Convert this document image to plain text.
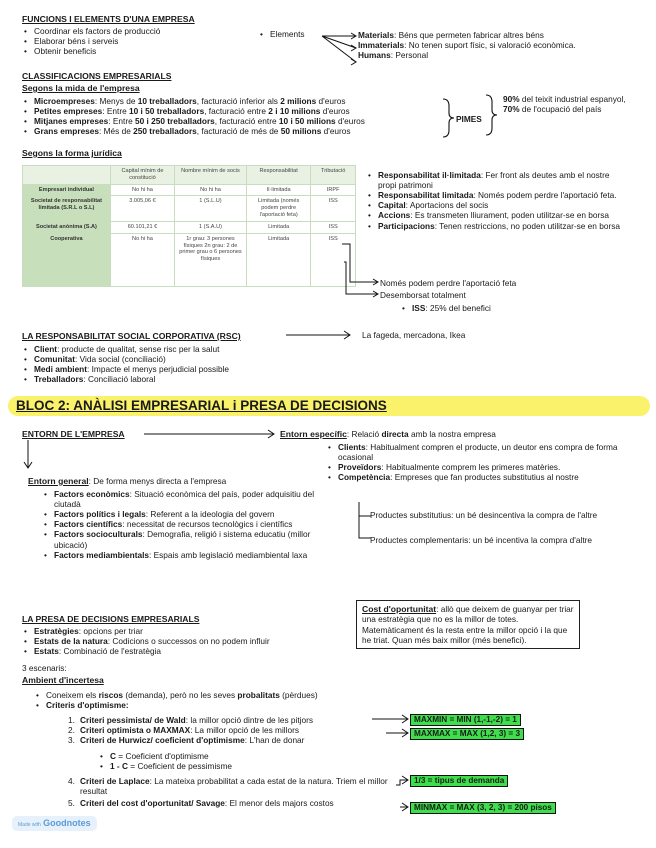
FUNCIONS I ELEMENTS D'UNA EMPRESA
• Coordinar els factors de producció
• Elaborar béns i serveis
• Obtenir beneficis
• Elements	Materials: Béns que permeten fabricar altres béns
Immaterials: No tenen suport físic, si valoració econòmica.
Humans: Personal
CLASSIFICACIONS EMPRESARIALS
Segons la mida de l'empresa
• Microempreses: Menys de 10 treballadors, facturació inferior als 2 milions d'euros
• Petites empreses: Entre 10 i 50 treballadors, facturació entre 2 i 10 milions d'euros
• Mitjanes empreses: Entre 50 i 250 treballadors, facturació entre 10 i 50 milions d'euros
• Grans empreses: Més de 250 treballadors, facturació de més de 50 milions d'euros
PIMES
90% del teixit industrial espanyol, 70% de l'ocupació del país
Segons la forma jurídica
	Capital mínim de constitució	Nombre mínim de socis	Responsabilitat	Tributació
Empresari individual	No hi ha	No hi ha	Il·limitada	IRPF
Societat de responsabilitat limitada (S.R.L o S.L)	3.005,06 €	1 (S.L.U)	Limitada (només podem perdre l'aportació feta)	ISS
Societat anònima (S.A)	60.101,21 €	1 (S.A.U)	Limitada	ISS
Cooperativa	No hi ha	1r grau: 3 persones físiques 2n grau: 2 de primer grau o 6 persones físiques	Limitada	ISS
• Responsabilitat il·limitada: Fer front als deutes amb el nostre propi patrimoni
• Responsabilitat limitada: Només podem perdre l'aportació feta.
• Capital: Aportacions del socis
• Accions: Es transmeten lliurament, poden utilitzar-se en borsa
• Participacions: Tenen restriccions, no poden utilitzar-se en borsa
Només podem perdre l'aportació feta
Desemborsat totalment
• ISS: 25% del benefici
LA RESPONSABILITAT SOCIAL CORPORATIVA (RSC)	La fageda, mercadona, Ikea
• Client: producte de qualitat, sense risc per la salut
• Comunitat: Vida social (conciliació)
• Medi ambient: Impacte el menys perjudicial possible
• Treballadors: Conciliació laboral
BLOC 2: ANÀLISI EMPRESARIAL i PRESA DE DECISIONS
ENTORN DE L'EMPRESA	Entorn específic: Relació directa amb la nostra empresa
• Clients: Habitualment compren el producte, un deutor ens compra de forma ocasional
• Proveïdors: Habitualmente comprem les primeres matèries.
• Competència: Empreses que fan productes substitutius al nostre
Productes substitutius: un bé desincentiva la compra de l'altre
Productes complementaris: un bé incentiva la compra d'altre
Entorn general: De forma menys directa a l'empresa
• Factors econòmics: Situació econòmica del país, poder adquisitiu del ciutadà
• Factors polítics i legals: Referent a la ideologia del govern
• Factors científics: necessitat de recursos tecnològics i científics
• Factors socioculturals: Demografia, religió i sistema educatiu (millor ubicació)
• Factors mediambientals: Espais amb legislació mediambiental laxa
Cost d'oportunitat: allò que deixem de guanyar per triar una estratègia que no es la millor de totes. Matemàticament és la resta entre la millor opció i la que he triat. Quan més baix millor (més benefici).
LA PRESA DE DECISIONS EMPRESARIALS
• Estratègies: opcions per triar
• Estats de la natura: Codicions o successos on no podem influir
• Estats: Combinació de l'estratègia
3 escenaris:
Ambient d'incertesa
• Coneixem els riscos (demanda), però no les seves probalitats (pèrdues)
• Criteris d'optimisme:
1. Criteri pessimista/ de Wald: la millor opció dintre de les pitjors
2. Criteri optimista o MAXMAX: La millor opció de les millors
3. Criteri de Hurwicz/ coeficient d'optimisme: L'han de donar
• C = Coeficient d'optimisme
• 1 - C = Coeficient de pessimisme
4. Criteri de Laplace: La mateixa probabilitat a cada estat de la natura. Triem el millor resultat
5. Criteri del cost d'oportunitat/ Savage: El menor dels majors costos
MAXMIN = MIN (1,-1,-2) = 1
MAXMAX = MAX (1,2, 3) = 3
1/3 = tipus de demanda
MINMAX = MAX (3, 2, 3) = 200 pisos
Made with Goodnotes
